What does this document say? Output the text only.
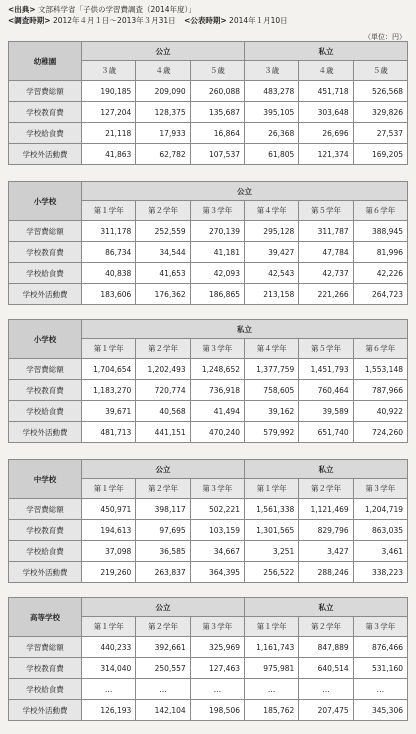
<出典> 文部科学省「子供の学習費調査（2014年度）」
<調査時期> 2012年４月１日～2013年３月31日 <公表時期> 2014年１月10日
（単位：円）
幼稚園	公立			私立		
	３歳	４歳	５歳	３歳	４歳	５歳
学習費総額	190,185	209,090	260,088	483,278	451,718	526,568
学校教育費	127,204	128,375	135,687	395,105	303,648	329,826
学校給食費	21,118	17,933	16,864	26,368	26,696	27,537
学校外活動費	41,863	62,782	107,537	61,805	121,374	169,205
小学校	公立					
	第１学年	第２学年	第３学年	第４学年	第５学年	第６学年
学習費総額	311,178	252,559	270,139	295,128	311,787	388,945
学校教育費	86,734	34,544	41,181	39,427	47,784	81,996
学校給食費	40,838	41,653	42,093	42,543	42,737	42,226
学校外活動費	183,606	176,362	186,865	213,158	221,266	264,723
小学校	私立					
	第１学年	第２学年	第３学年	第４学年	第５学年	第６学年
学習費総額	1,704,654	1,202,493	1,248,652	1,377,759	1,451,793	1,553,148
学校教育費	1,183,270	720,774	736,918	758,605	760,464	787,966
学校給食費	39,671	40,568	41,494	39,162	39,589	40,922
学校外活動費	481,713	441,151	470,240	579,992	651,740	724,260
中学校	公立			私立		
	第１学年	第２学年	第３学年	第１学年	第２学年	第３学年
学習費総額	450,971	398,117	502,221	1,561,338	1,121,469	1,204,719
学校教育費	194,613	97,695	103,159	1,301,565	829,796	863,035
学校給食費	37,098	36,585	34,667	3,251	3,427	3,461
学校外活動費	219,260	263,837	364,395	256,522	288,246	338,223
高等学校	公立			私立		
	第１学年	第２学年	第３学年	第１学年	第２学年	第３学年
学習費総額	440,233	392,661	325,969	1,161,743	847,889	876,466
学校教育費	314,040	250,557	127,463	975,981	640,514	531,160
学校給食費	…	…	…	…	…	…
学校外活動費	126,193	142,104	198,506	185,762	207,475	345,306
